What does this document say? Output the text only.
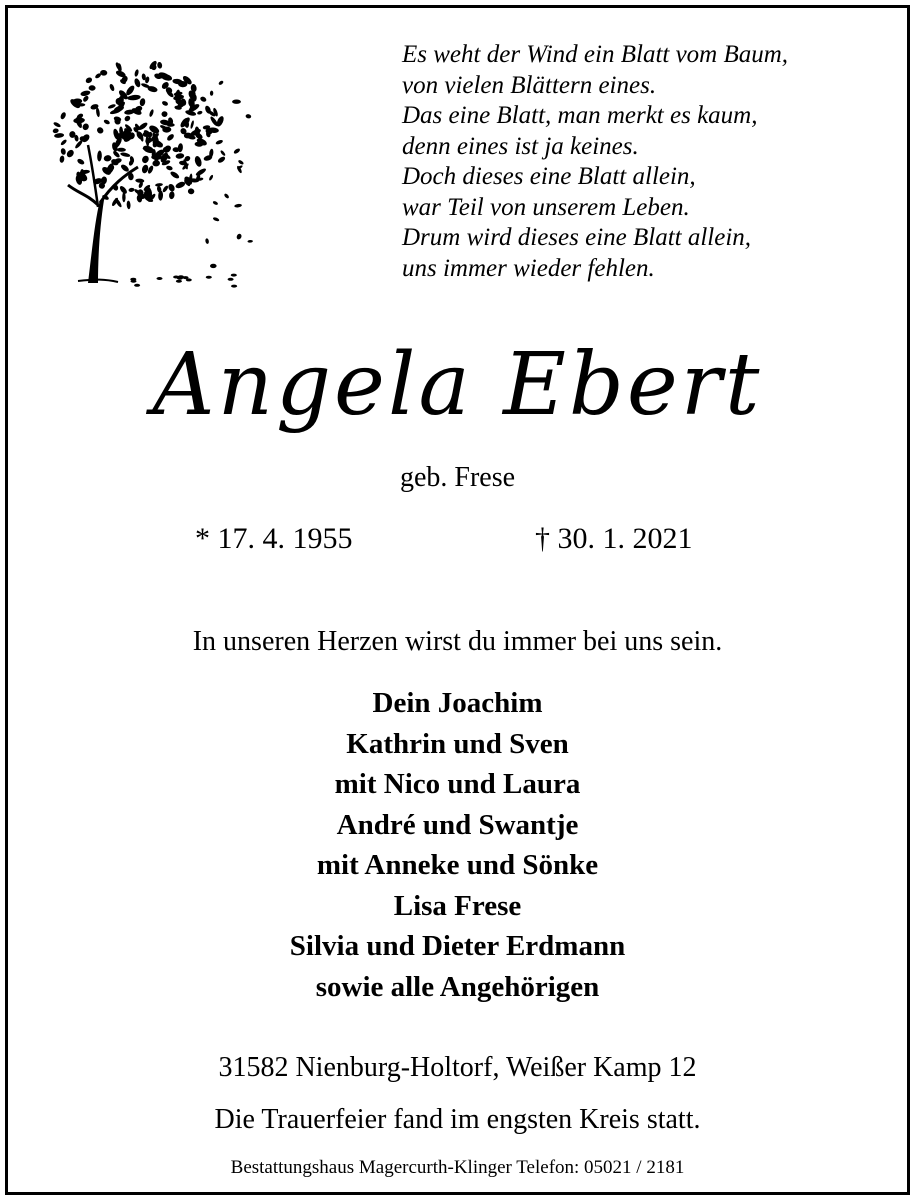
Es weht der Wind ein Blatt vom Baum,
von vielen Blättern eines.
Das eine Blatt, man merkt es kaum,
denn eines ist ja keines.
Doch dieses eine Blatt allein,
war Teil von unserem Leben.
Drum wird dieses eine Blatt allein,
uns immer wieder fehlen.
Angela Ebert
geb. Frese
* 17. 4. 1955	† 30. 1. 2021
In unseren Herzen wirst du immer bei uns sein.
Dein Joachim
Kathrin und Sven
mit Nico und Laura
André und Swantje
mit Anneke und Sönke
Lisa Frese
Silvia und Dieter Erdmann
sowie alle Angehörigen
31582 Nienburg-Holtorf, Weißer Kamp 12
Die Trauerfeier fand im engsten Kreis statt.
Bestattungshaus Magercurth-Klinger Telefon: 05021 / 2181
